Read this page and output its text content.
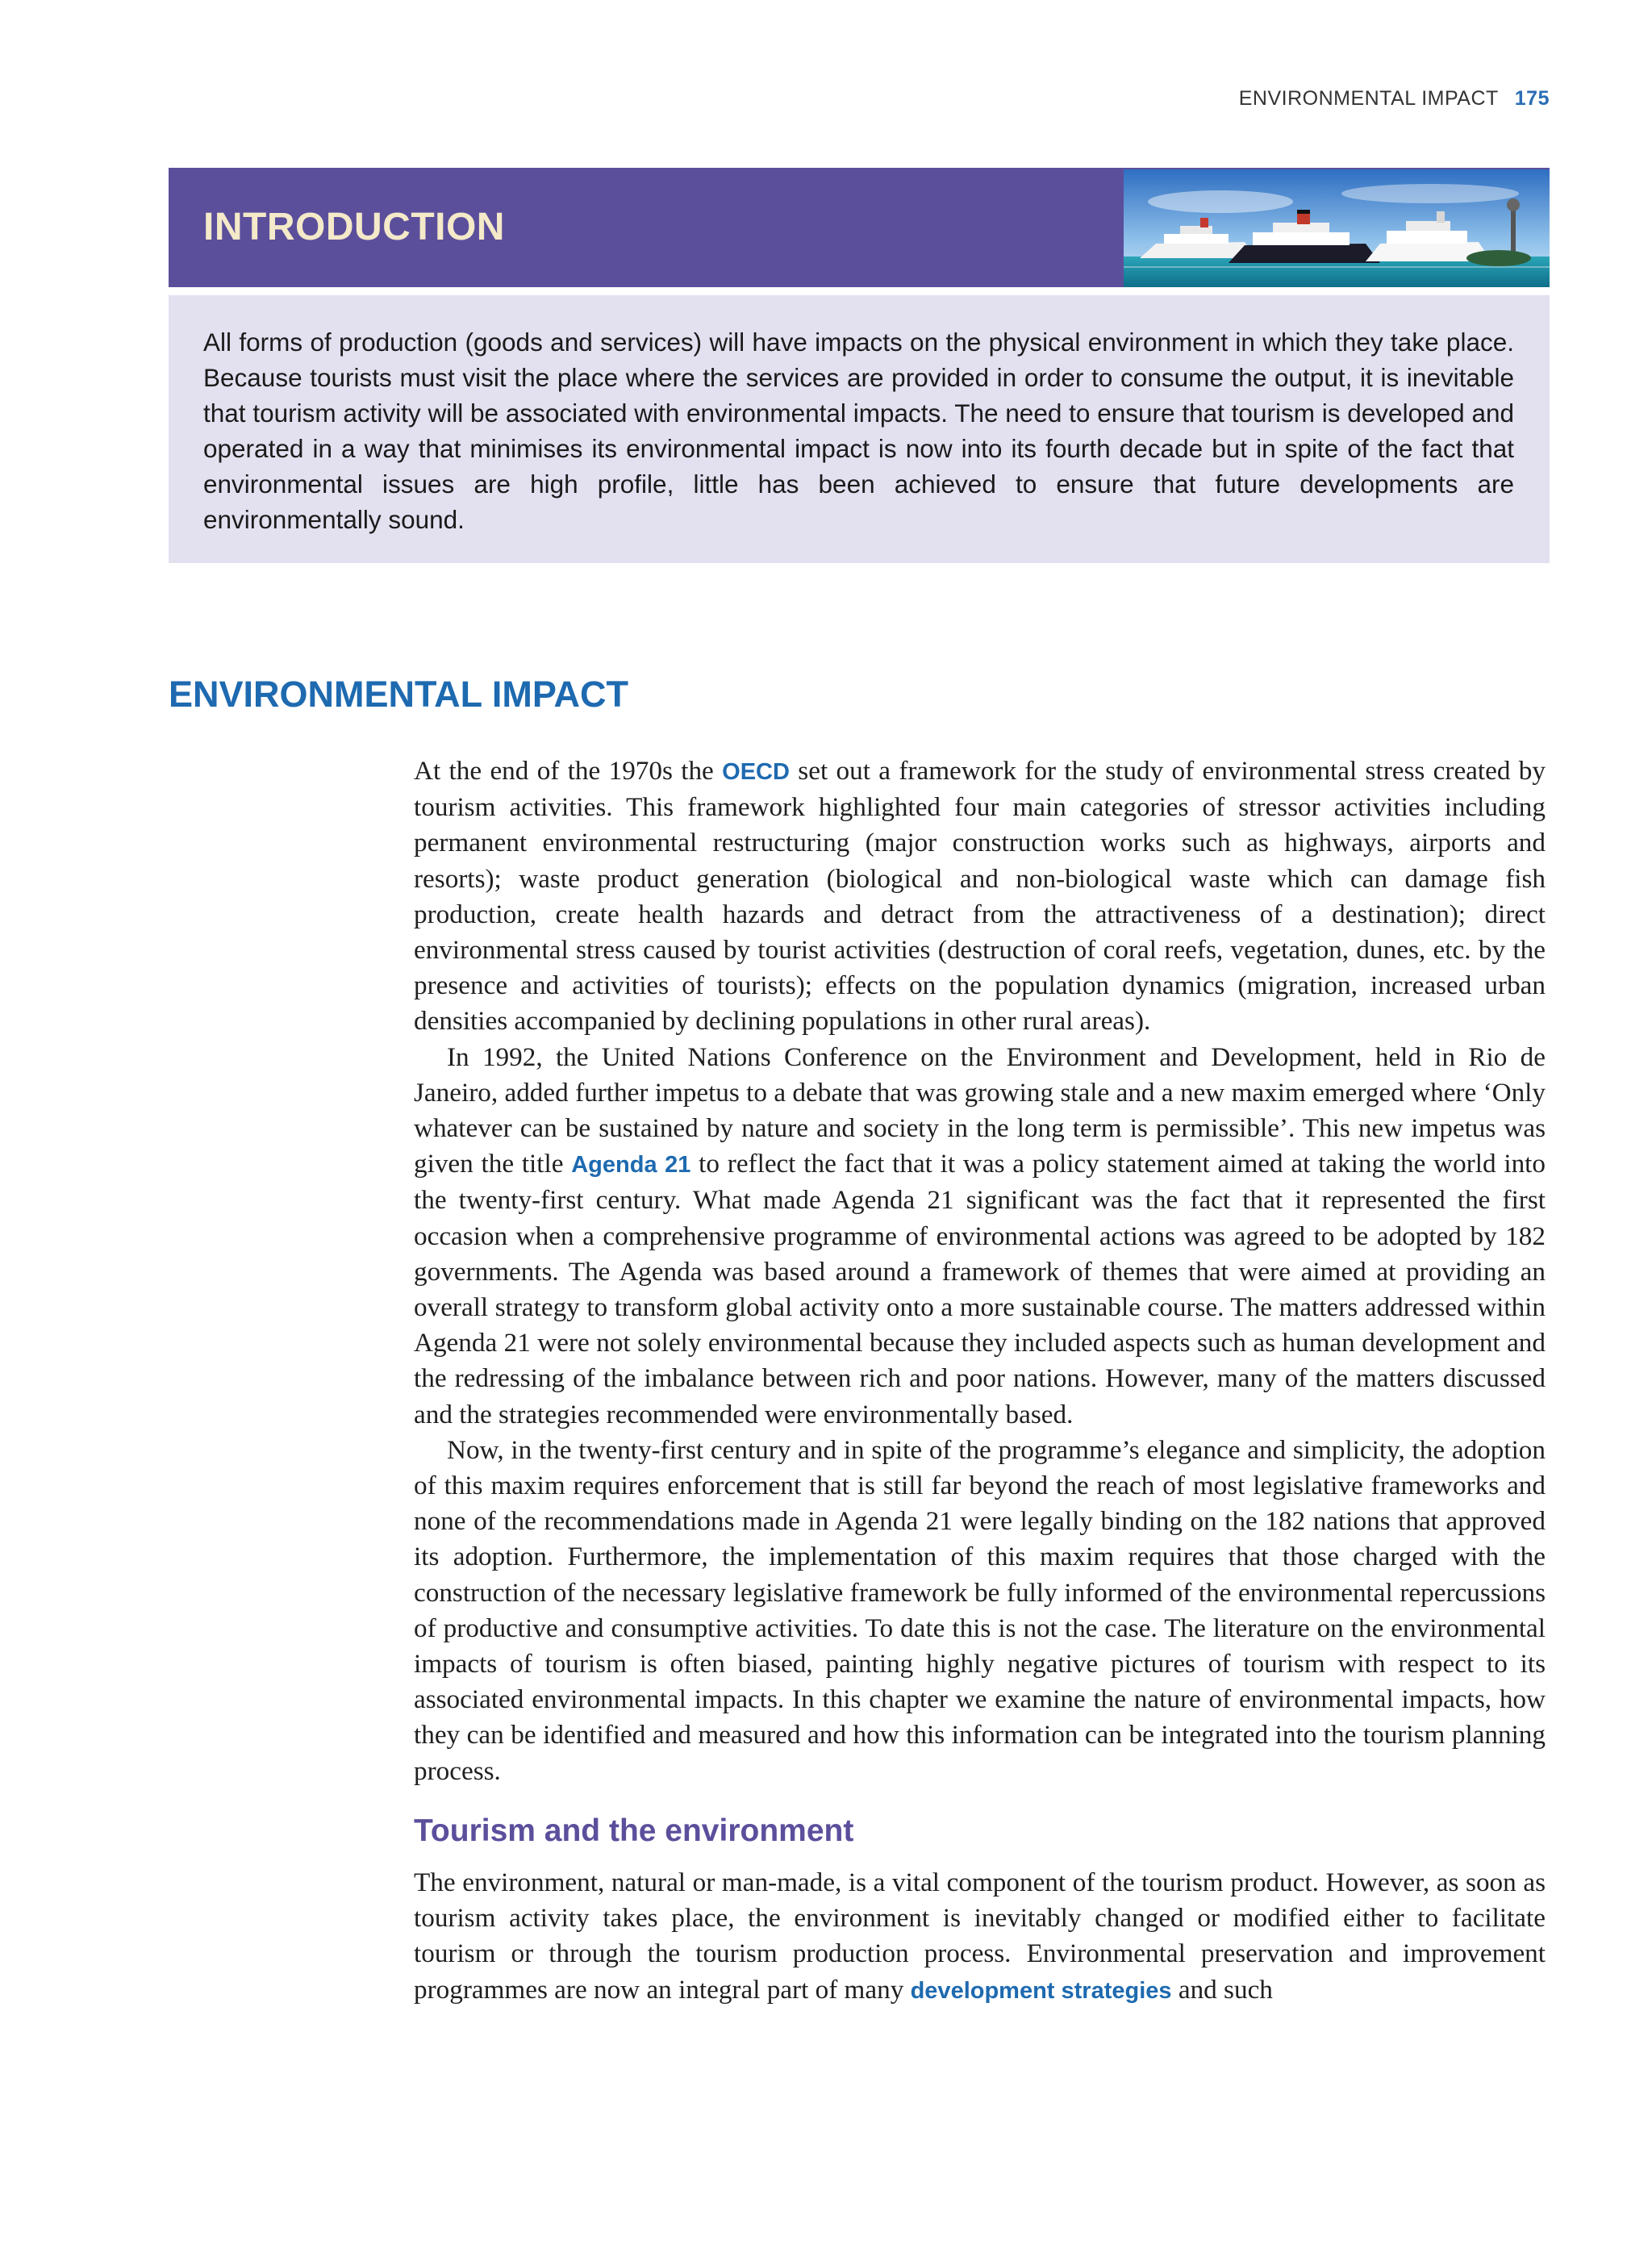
ENVIRONMENTAL IMPACT 175
INTRODUCTION

All forms of production (goods and services) will have impacts on the physical environment in which they take place. Because tourists must visit the place where the services are provided in order to consume the output, it is inevitable that tourism activity will be associated with environmental impacts. The need to ensure that tourism is developed and operated in a way that minimises its environmental impact is now into its fourth decade but in spite of the fact that environmental issues are high profile, little has been achieved to ensure that future developments are environmentally sound.

ENVIRONMENTAL IMPACT

At the end of the 1970s the OECD set out a framework for the study of environmental stress created by tourism activities. This framework highlighted four main categories of stressor activities including permanent environmental restructuring (major construction works such as highways, airports and resorts); waste product generation (biological and non-biological waste which can damage fish production, create health hazards and detract from the attractiveness of a destination); direct environmental stress caused by tourist activities (destruction of coral reefs, vegetation, dunes, etc. by the presence and activities of tourists); effects on the population dynamics (migration, increased urban densities accompanied by declining populations in other rural areas).

In 1992, the United Nations Conference on the Environment and Development, held in Rio de Janeiro, added further impetus to a debate that was growing stale and a new maxim emerged where ‘Only whatever can be sustained by nature and society in the long term is permissible’. This new impetus was given the title Agenda 21 to reflect the fact that it was a policy statement aimed at taking the world into the twenty-first century. What made Agenda 21 significant was the fact that it represented the first occasion when a comprehensive programme of environmental actions was agreed to be adopted by 182 governments. The Agenda was based around a framework of themes that were aimed at providing an overall strategy to transform global activity onto a more sustainable course. The matters addressed within Agenda 21 were not solely environmental because they included aspects such as human development and the redressing of the imbalance between rich and poor nations. However, many of the matters discussed and the strategies recommended were environmentally based.

Now, in the twenty-first century and in spite of the programme’s elegance and simplicity, the adoption of this maxim requires enforcement that is still far beyond the reach of most legislative frameworks and none of the recommendations made in Agenda 21 were legally binding on the 182 nations that approved its adoption. Furthermore, the implementation of this maxim requires that those charged with the construction of the necessary legislative framework be fully informed of the environmental repercussions of productive and consumptive activities. To date this is not the case. The literature on the environmental impacts of tourism is often biased, painting highly negative pictures of tourism with respect to its associated environmental impacts. In this chapter we examine the nature of environmental impacts, how they can be identified and measured and how this information can be integrated into the tourism planning process.

Tourism and the environment

The environment, natural or man-made, is a vital component of the tourism product. However, as soon as tourism activity takes place, the environment is inevitably changed or modified either to facilitate tourism or through the tourism production process. Environmental preservation and improvement programmes are now an integral part of many development strategies and such
